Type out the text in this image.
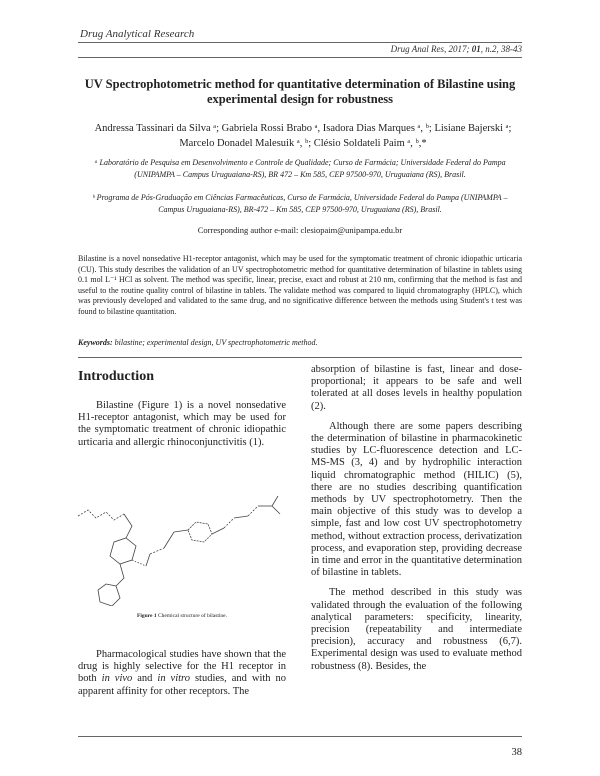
Drug Analytical Research
Drug Anal Res, 2017; 01, n.2, 38-43
UV Spectrophotometric method for quantitative determination of Bilastine using experimental design for robustness
Andressa Tassinari da Silva ᵃ; Gabriela Rossi Brabo ᵃ, Isadora Dias Marques ᵃ, ᵇ; Lisiane Bajerski ᵃ;
Marcelo Donadel Malesuik ᵃ, ᵇ; Clésio Soldateli Paim ᵃ, ᵇ,*
ᵃ Laboratório de Pesquisa em Desenvolvimento e Controle de Qualidade; Curso de Farmácia; Universidade Federal do Pampa (UNIPAMPA – Campus Uruguaiana-RS), BR 472 – Km 585, CEP 97500-970, Uruguaiana (RS), Brasil.
ᵇ Programa de Pós-Graduação em Ciências Farmacêuticas, Curso de Farmácia, Universidade Federal do Pampa (UNIPAMPA – Campus Uruguaiana-RS), BR-472 – Km 585, CEP 97500-970, Uruguaiana (RS), Brasil.
Corresponding author e-mail: clesiopaim@unipampa.edu.br
Bilastine is a novel nonsedative H1-receptor antagonist, which may be used for the symptomatic treatment of chronic idiopathic urticaria (CU). This study describes the validation of an UV spectrophotometric method for quantitative determination of bilastine in tablets using 0.1 mol L⁻¹ HCl as solvent. The method was specific, linear, precise, exact and robust at 210 nm, confirming that the method is fast and useful to the routine quality control of bilastine in tablets. The validate method was compared to liquid chromatography (HPLC), which was previously developed and validated to the same drug, and no significative difference between the methods using Student's t test was found to bilastine quantitation.
Keywords: bilastine; experimental design, UV spectrophotometric method.
Introduction

Bilastine (Figure 1) is a novel nonsedative H1-receptor antagonist, which may be used for the symptomatic treatment of chronic idiopathic urticaria and allergic rhinoconjunctivitis (1).

Figure 1 Chemical structure of bilastine.

Pharmacological studies have shown that the drug is highly selective for the H1 receptor in both in vivo and in vitro studies, and with no apparent affinity for other receptors. The

absorption of bilastine is fast, linear and dose-proportional; it appears to be safe and well tolerated at all doses levels in healthy population (2).

Although there are some papers describing the determination of bilastine in pharmacokinetic studies by LC-fluorescence detection and LC-MS-MS (3, 4) and by hydrophilic interaction liquid chromatographic method (HILIC) (5), there are no studies describing quantification methods by UV spectrophotometry. Then the main objective of this study was to develop a simple, fast and low cost UV spectrophotometry method, without extraction process, derivatization process, and evaporation step, providing decrease in time and error in the quantitative determination of bilastine in tablets.

The method described in this study was validated through the evaluation of the following analytical parameters: specificity, linearity, precision (repeatability and intermediate precision), accuracy and robustness (6,7). Experimental design was used to evaluate method robustness (8). Besides, the

38
